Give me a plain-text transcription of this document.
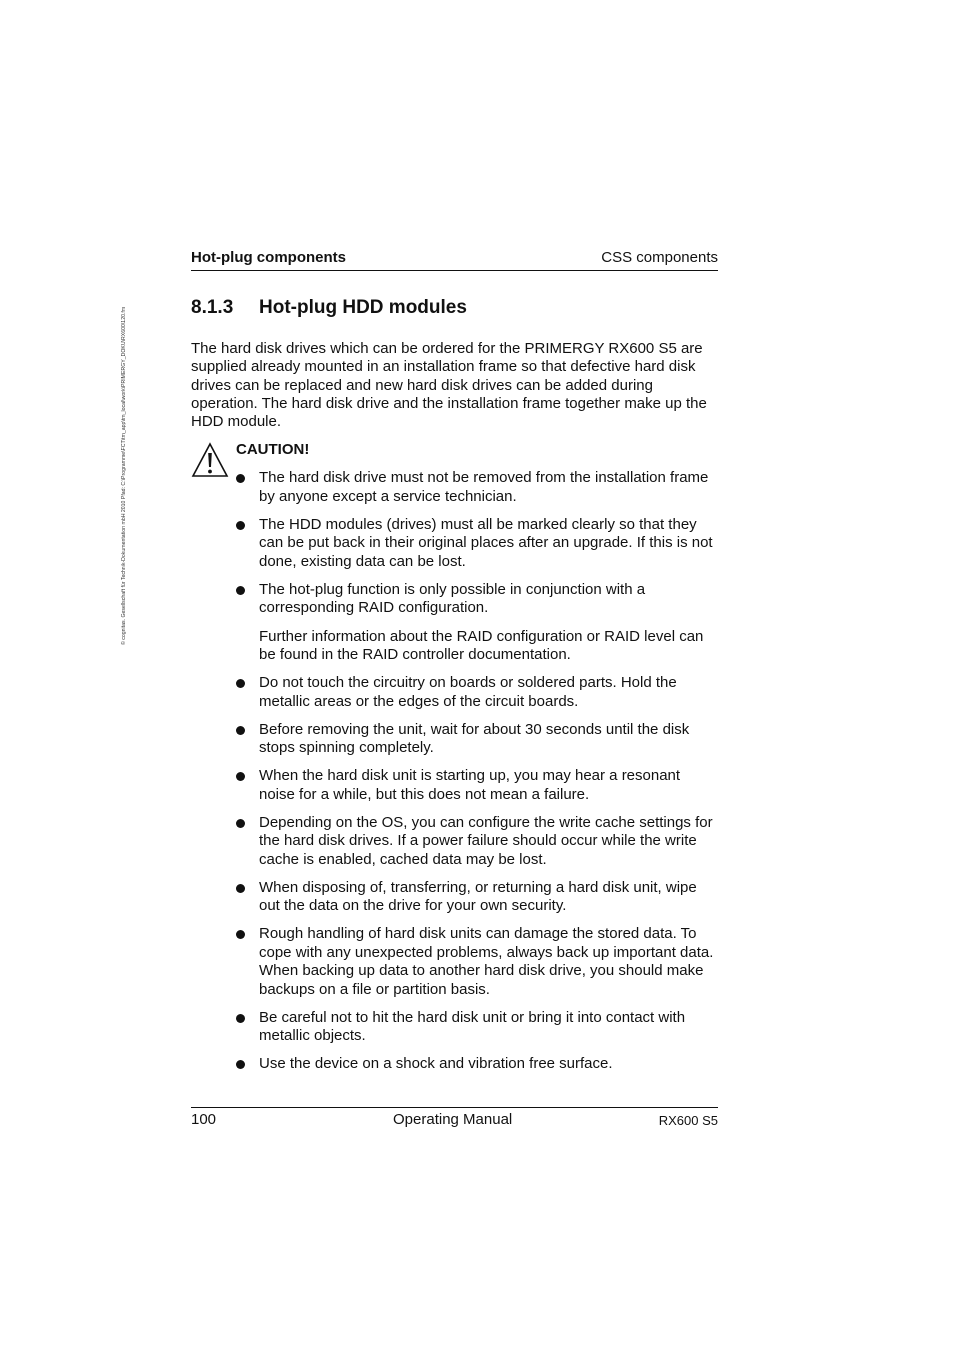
© cognitas. Gesellschaft für Technik-Dokumentation mbH 2010 Pfad: C:\Programme\FCT\tm_app\tm_local\work\PRIMERGY_DOKU\RX600\120.fm
Hot-plug components	CSS components
8.1.3 Hot-plug HDD modules

The hard disk drives which can be ordered for the PRIMERGY RX600 S5 are supplied already mounted in an installation frame so that defective hard disk drives can be replaced and new hard disk drives can be added during operation. The hard disk drive and the installation frame together make up the HDD module.

CAUTION!
The hard disk drive must not be removed from the installation frame by anyone except a service technician.
The HDD modules (drives) must all be marked clearly so that they can be put back in their original places after an upgrade. If this is not done, existing data can be lost.
The hot-plug function is only possible in conjunction with a corresponding RAID configuration.
Further information about the RAID configuration or RAID level can be found in the RAID controller documentation.
Do not touch the circuitry on boards or soldered parts. Hold the metallic areas or the edges of the circuit boards.
Before removing the unit, wait for about 30 seconds until the disk stops spinning completely.
When the hard disk unit is starting up, you may hear a resonant noise for a while, but this does not mean a failure.
Depending on the OS, you can configure the write cache settings for the hard disk drives. If a power failure should occur while the write cache is enabled, cached data may be lost.
When disposing of, transferring, or returning a hard disk unit, wipe out the data on the drive for your own security.
Rough handling of hard disk units can damage the stored data. To cope with any unexpected problems, always back up important data. When backing up data to another hard disk drive, you should make backups on a file or partition basis.
Be careful not to hit the hard disk unit or bring it into contact with metallic objects.
Use the device on a shock and vibration free surface.
100	Operating Manual	RX600 S5
